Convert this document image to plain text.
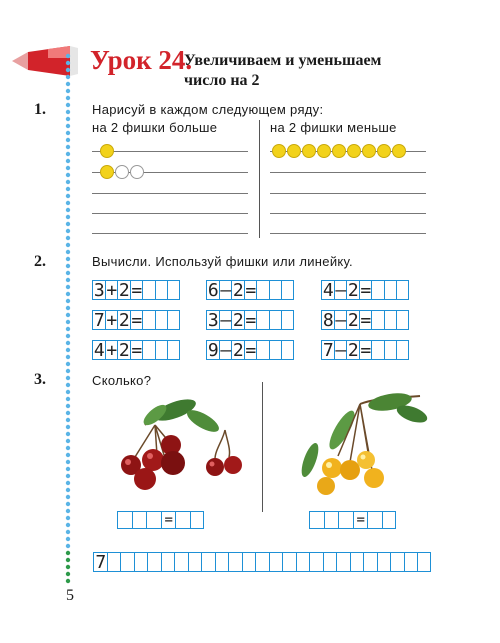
Урок 24.
Увеличиваем и уменьшаем
число на 2
1.	Нарисуй в каждом следующем ряду:
на 2 фишки больше	на 2 фишки меньше
2.	Вычисли. Используй фишки или линейку.
3 + 2 =	6 – 2 =	4 – 2 =
7 + 2 =	3 – 2 =	8 – 2 =
4 + 2 =	9 – 2 =	7 – 2 =
3.	Сколько?
=	=
7
5
